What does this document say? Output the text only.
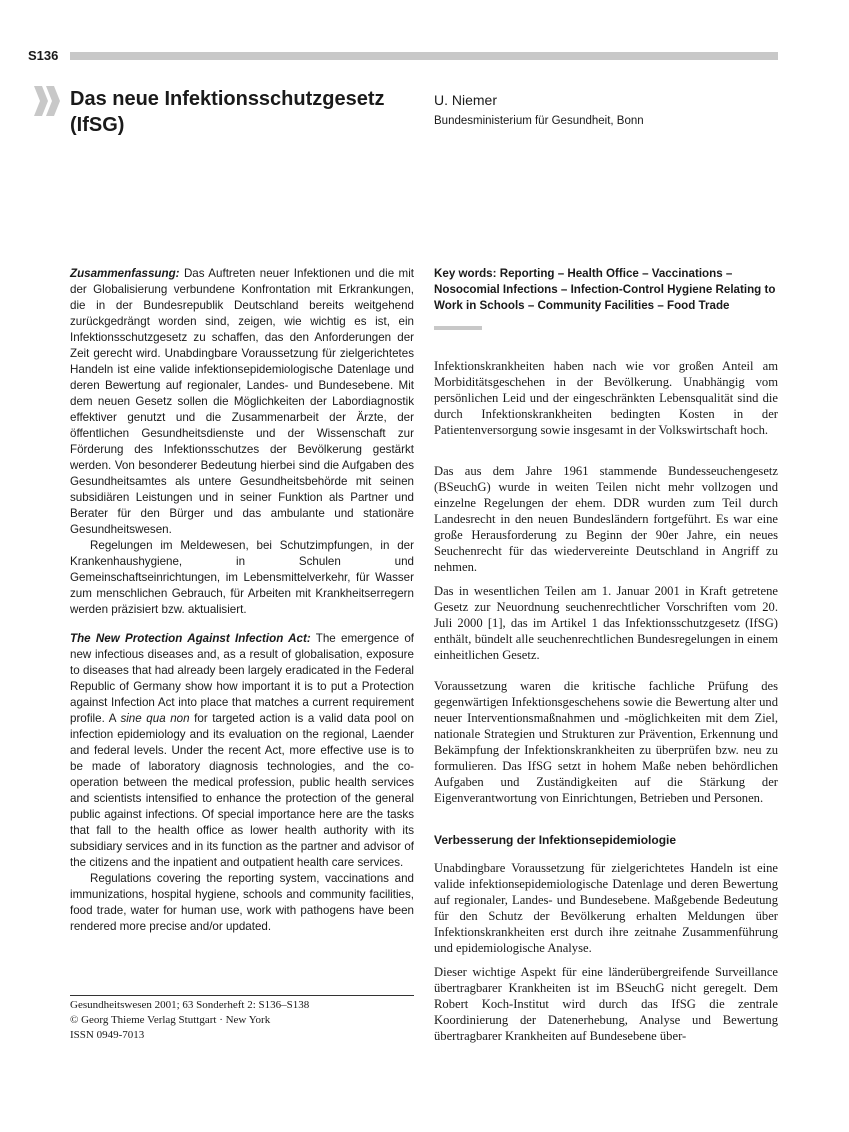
S136
Das neue Infektionsschutzgesetz (IfSG)
U. Niemer
Bundesministerium für Gesundheit, Bonn

Zusammenfassung: Das Auftreten neuer Infektionen und die mit der Globalisierung verbundene Konfrontation mit Erkrankungen, die in der Bundesrepublik Deutschland bereits weitgehend zurückgedrängt worden sind, zeigen, wie wichtig es ist, ein Infektionsschutzgesetz zu schaffen, das den Anforderungen der Zeit gerecht wird. Unabdingbare Voraussetzung für zielgerichtetes Handeln ist eine valide infektionsepidemiologische Datenlage und deren Bewertung auf regionaler, Landes- und Bundesebene. Mit dem neuen Gesetz sollen die Möglichkeiten der Labordiagnostik effektiver genutzt und die Zusammenarbeit der Ärzte, der öffentlichen Gesundheitsdienste und der Wissenschaft zur Förderung des Infektionsschutzes der Bevölkerung gestärkt werden. Von besonderer Bedeutung hierbei sind die Aufgaben des Gesundheitsamtes als untere Gesundheitsbehörde mit seinen subsidiären Leistungen und in seiner Funktion als Partner und Berater für den Bürger und das ambulante und stationäre Gesundheitswesen.

Regelungen im Meldewesen, bei Schutzimpfungen, in der Krankenhaushygiene, in Schulen und Gemeinschaftseinrichtungen, im Lebensmittelverkehr, für Wasser zum menschlichen Gebrauch, für Arbeiten mit Krankheitserregern werden präzisiert bzw. aktualisiert.

The New Protection Against Infection Act: The emergence of new infectious diseases and, as a result of globalisation, exposure to diseases that had already been largely eradicated in the Federal Republic of Germany show how important it is to put a Protection against Infection Act into place that matches a current requirement profile. A sine qua non for targeted action is a valid data pool on infection epidemiology and its evaluation on the regional, Laender and federal levels. Under the recent Act, more effective use is to be made of laboratory diagnosis technologies, and the co-operation between the medical profession, public health services and scientists intensified to enhance the protection of the general public against infections. Of special importance here are the tasks that fall to the health office as lower health authority with its subsidiary services and in its function as the partner and advisor of the citizens and the inpatient and outpatient health care services.

Regulations covering the reporting system, vaccinations and immunizations, hospital hygiene, schools and community facilities, food trade, water for human use, work with pathogens have been rendered more precise and/or updated.

Gesundheitswesen 2001; 63 Sonderheft 2: S136–S138
© Georg Thieme Verlag Stuttgart · New York
ISSN 0949-7013
Key words: Reporting – Health Office – Vaccinations – Nosocomial Infections – Infection-Control Hygiene Relating to Work in Schools – Community Facilities – Food Trade

Infektionskrankheiten haben nach wie vor großen Anteil am Morbiditätsgeschehen in der Bevölkerung. Unabhängig vom persönlichen Leid und der eingeschränkten Lebensqualität sind die durch Infektionskrankheiten bedingten Kosten in der Patientenversorgung sowie insgesamt in der Volkswirtschaft hoch.

Das aus dem Jahre 1961 stammende Bundesseuchengesetz (BSeuchG) wurde in weiten Teilen nicht mehr vollzogen und einzelne Regelungen der ehem. DDR wurden zum Teil durch Landesrecht in den neuen Bundesländern fortgeführt. Es war eine große Herausforderung zu Beginn der 90er Jahre, ein neues Seuchenrecht für das wiedervereinte Deutschland in Angriff zu nehmen.

Das in wesentlichen Teilen am 1. Januar 2001 in Kraft getretene Gesetz zur Neuordnung seuchenrechtlicher Vorschriften vom 20. Juli 2000 [1], das im Artikel 1 das Infektionsschutzgesetz (IfSG) enthält, bündelt alle seuchenrechtlichen Bundesregelungen in einem einheitlichen Gesetz.

Voraussetzung waren die kritische fachliche Prüfung des gegenwärtigen Infektionsgeschehens sowie die Bewertung alter und neuer Interventionsmaßnahmen und -möglichkeiten mit dem Ziel, nationale Strategien und Strukturen zur Prävention, Erkennung und Bekämpfung der Infektionskrankheiten zu überprüfen bzw. neu zu formulieren. Das IfSG setzt in hohem Maße neben behördlichen Aufgaben und Zuständigkeiten auf die Stärkung der Eigenverantwortung von Einrichtungen, Betrieben und Personen.

Verbesserung der Infektionsepidemiologie

Unabdingbare Voraussetzung für zielgerichtetes Handeln ist eine valide infektionsepidemiologische Datenlage und deren Bewertung auf regionaler, Landes- und Bundesebene. Maßgebende Bedeutung für den Schutz der Bevölkerung erhalten Meldungen über Infektionskrankheiten erst durch ihre zeitnahe Zusammenführung und epidemiologische Analyse.

Dieser wichtige Aspekt für eine länderübergreifende Surveillance übertragbarer Krankheiten ist im BSeuchG nicht geregelt. Dem Robert Koch-Institut wird durch das IfSG die zentrale Koordinierung der Datenerhebung, Analyse und Bewertung übertragbarer Krankheiten auf Bundesebene über-
